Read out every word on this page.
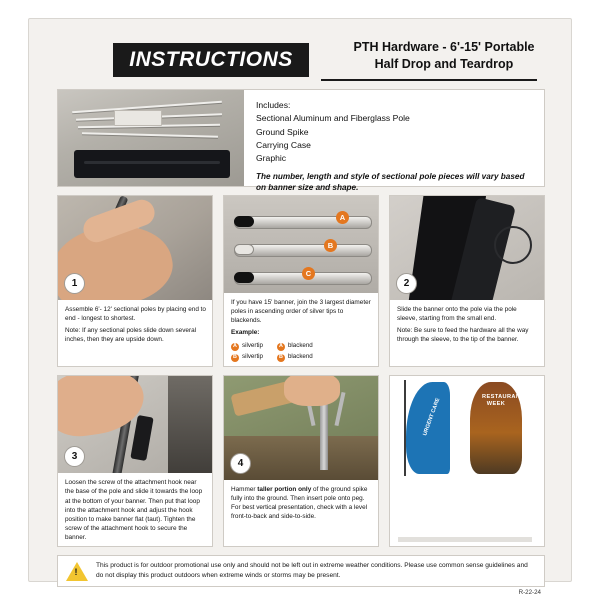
INSTRUCTIONS
PTH Hardware - 6'-15' Portable
Half Drop and Teardrop
Includes:
Sectional Aluminum and Fiberglass Pole
Ground Spike
Carrying Case
Graphic
The number, length and style of sectional pole pieces will vary based on banner size and shape.
1
Assemble 6'- 12' sectional poles by placing end to end - longest to shortest.
Note: If any sectional poles slide down several inches, then they are upside down.
A
B
C
If you have 15' banner, join the 3 largest diameter poles in ascending order of silver tips to blackends.
Example:
A silvertip
B silvertip
A blackend
B blackend
2
Slide the banner onto the pole via the pole sleeve, starting from the small end.
Note: Be sure to feed the hardware all the way through the sleeve, to the tip of the banner.
3
Loosen the screw of the attachment hook near the base of the pole and slide it towards the loop at the bottom of your banner. Then put that loop into the attachment hook and adjust the hook position to make banner flat (taut). Tighten the screw of the attachment hook to secure the banner.
4
Hammer taller portion only of the ground spike fully into the ground. Then insert pole onto peg. For best vertical presentation, check with a level front-to-back and side-to-side.
URGENT CARE
RESTAURANT WEEK
!
This product is for outdoor promotional use only and should not be left out in extreme weather conditions. Please use common sense guidelines and do not display this product outdoors when extreme winds or storms may be present.
R-22-24
